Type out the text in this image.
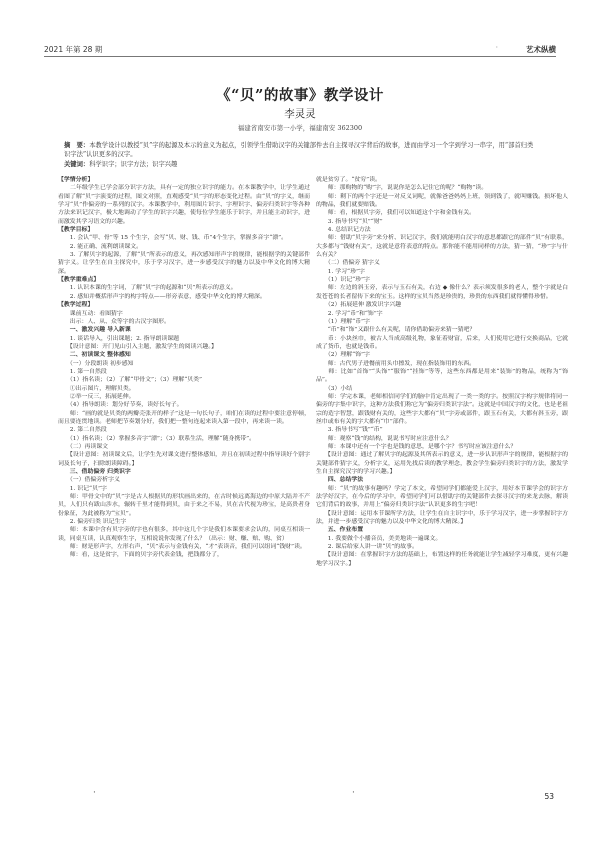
2021 年第 28 期	·	艺术纵横
《“贝”的故事》教学设计
李灵灵
福建省南安市第一小学，福建南安 362300
摘　要：本教学设计以教授“贝”字的起源及本示的意义为起点，引领学生借助汉字的关键部件去自主探寻汉字背后的故事，进而由学习一个字到学习一串字，用“部首归类识字法”认识更多的汉字。
关键词：科学识字；识字方法；识字兴趣

【学情分析】

　　二年级学生已学会部分识字方法，具有一定的独立识字的能力。在本课教学中，让学生通过看图了解“贝”字演变的过程，图文对照，直观感受“贝”字的形态变化过程。由“贝”的字义，继而学习“贝”作偏旁的一系列的汉字。本课教学中，利用图片识字、字理识字、偏旁归类识字等各种方法来识记汉字，极大地调动了学生的识字兴趣，使每位学生能乐于识字，并且能主动识字，进而激发其学习语文的兴趣。

【教学目标】

　　1. 会认“甲、骨”等 15 个生字，会写“贝、财、钱、币”4个生字，掌握多音字“漂”。

　　2. 能正确、流利朗读课文。

　　3. 了解贝字的起源，了解“贝”所表示的意义，再次感知形声字的规律，能根据学的关键部件猜字义。让学生在自主探究中，乐于学习汉字，进一步感受汉字的魅力以及中华文化的博大精深。

【教学重难点】

　　1. 认识本课的生字词，了解“贝”字的起源和“贝”所表示的意义。

　　2. 感知并概括形声字的构字特点——形旁表意，感受中华文化的博大精深。

【教学过程】

　　课前互动：看图猜字

　　出示：人、从、众等字的古汉字图形。

　　一、激发兴趣 导入新课

　　1. 谈话导入，引出课题；2. 指导朗读课题

　　【设计意图：开门见山引入主题，激发学生的阅读兴趣。】

　　二、初读课文 整体感知

　　（一）分段朗读 初步感知

　　1. 第一自然段

　　（1）指名读；（2）了解“甲骨文”；（3）理解“贝类”

　　①出示图片，理解贝类。

　　②举一反三，拓展延伸。

　　（4）指导朗读：划分好节奏，读好长句子。

　　师：“画的就是贝类的两瓣壳张开的样子”这是一句长句子，咱们在读的过程中要注意停顿，而且要连贯地读。老师把节奏划分好，我们把一整句连起来读入第一段中，再来读一读。

　　2. 第二自然段

　　（1）指名读；（2）掌握多音字“漂”；（3）联系生活，理解“随身携带”。

　　（二）再读课文

　　【设计意图：初读课文后，让学生先对课文进行整体感知，并且在初读过程中指导读好个别字词及长句子，扫除朗读障碍。】

　　三、借助偏旁 归类识字

　　（一）借偏旁析字义

　　1. 识记“贝”字

　　师：甲骨文中的“贝”字是古人根据贝的形状画出来的，在古时候远离海边的中原大陆并不产贝，人们只有跋山涉水，辗转千里才能得到贝，由于来之不易，贝在古代视为珍宝，是高贵者身份象征，为此被称为“宝贝”。

　　2. 偏旁归类 识记生字

　　师：本课中含有贝字旁的字也有很多，其中这几个字是我们本课要求会认的，同桌互相读一读，同桌互读，认真观察生字，互相说说你发现了什么？（出示：财、赚、赔、购、贫）

　　师：财是形声字，左形右声，“贝”表示与金钱有关，“才”表读音，我们可以组词“钱财”读。

　　师：看，这是贫字，下面的贝字旁代表金钱，把钱都分了，

就是贫穷了。“贫穷”读。

　　师：那购物的“购”字，说说你是怎么记住它的呢？“购物”读。

　　师：剩下的两个字还是一对反义词呢，就像爸爸妈妈上班，领到钱了，就叫赚钱。损坏他人的物品，我们就要赔钱。

　　师：看，根据贝字旁，我们可以知道这个字和金钱有关。

　　3. 指导书写“贝”“财”

　　4. 总结识记方法

　　师：借助“贝字旁”来分析、识记汉字，我们就能明白汉字的意思都跟它的部件“贝”有联系，大多都与“钱财有关”，这就是意符表意的特点。那你能不能用同样的方法，猜一猜，“珍”字与什么有关？

　　（二）借偏旁 猜字义

　　1. 学习“珍”字

　　（1）识记“珍”字

　　师：左边的斜玉旁，表示与玉石有关，右边 ◆ 像什么？表示须发很多的老人，整个字就是白发苍苍的长者留传下来的宝玉。这样的宝贝当然是珍贵的，珍贵的东西我们就得懂得珍惜。

　　（2）拓展延伸 激发识字兴趣

　　2. 学习“币”和“饰”字

　　（1）理解“币”字

　　“币”和“饰”又跟什么有关呢，请你借助偏旁来猜一猜吧？

　　币：小块丝巾，被古人当成高级礼物，象征着财富，后来，人们使用它进行交换商品，它就成了货币，也就是钱币。

　　（2）理解“饰”字

　　师：古代男子进餐前用头巾擦发，现在指装饰用的东西。

　　师：比如“首饰”“头饰”“服饰”“挂饰”等等，这些东西都是用来“装饰”的物品，统称为“饰品”。

　　（3）小结

　　师：学完本课，老师相信同学们的脑中肯定出现了一类一类的字。按照汉字构字规律将同一偏旁的字集中识字，这种方法我们称它为“偏旁归类识字法”。这就是中国汉字的文化，也是老祖宗的造字智慧，跟钱财有关的，这些字大都有“贝”字旁或部件，跟玉石有关，大都有斜玉旁，跟丝巾或布有关的字大都有“巾”部件。

　　3. 指导书写“钱”“币”

　　师：观察“钱”的结构，说说书写时应注意什么？

　　师：本课中还有一个字也是钱的意思，是哪个字？书写时应该注意什么？

　　【设计意图：通过了解贝字的起源及其所表示的意义，进一步认识形声字的规律，能根据字的关键部件猜字义，分析字义，运用先找后读的教学理念，教会学生偏旁归类识字的方法，激发学生自主探究汉字的学习兴趣。】

　　四、总结学法

　　师：“贝”的故事有趣吗？学完了本文，希望同学们都能爱上汉字，用好本节课学会的识字方法学好汉字，在今后的学习中，希望同学们可以借助字的关键部件去探寻汉字的来龙去脉，解读它们背后的故事，并用上“偏旁归类识字法”认识更多的生字吧！

　　【设计意图：运用本节课所学方法，让学生在自主识字中，乐于学习汉字，进一步掌握识字方法，并进一步感受汉字的魅力以及中华文化的博大精深。】

　　五、作业布置

　　1. 我要做个小播音员，美美地读一遍课文。

　　2. 课后给家人讲一讲“贝”的故事。

　　【设计意图：在掌握识字方法的基础上，布置这样的任务就能让学生减轻学习难度，更有兴趣地学习汉字。】

·	·	53
